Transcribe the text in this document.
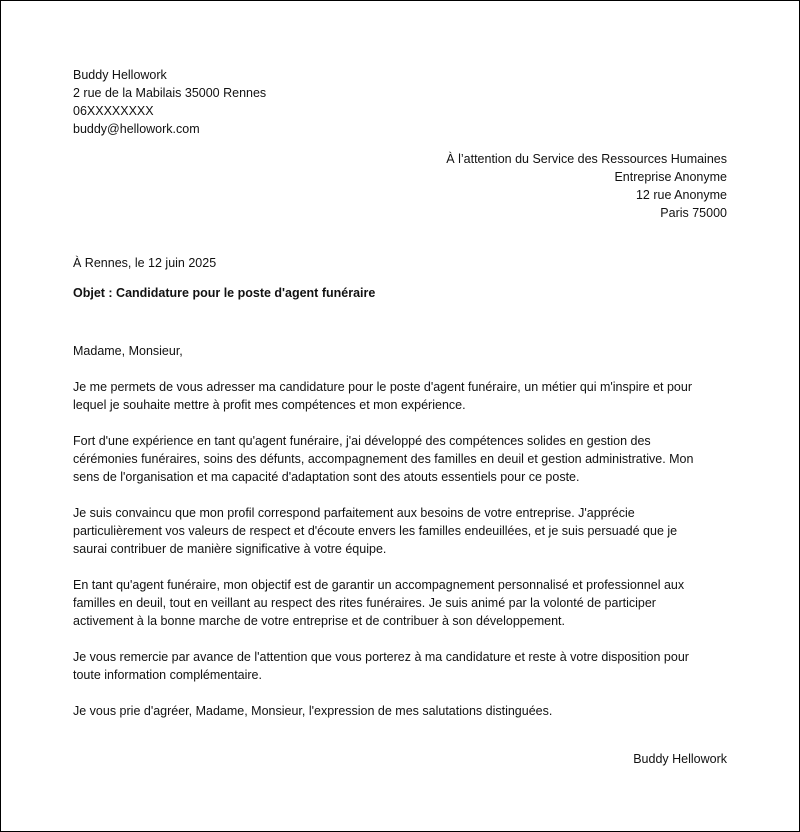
Buddy Hellowork
2 rue de la Mabilais 35000 Rennes
06XXXXXXXX
buddy@hellowork.com
À l’attention du Service des Ressources Humaines
Entreprise Anonyme
12 rue Anonyme
Paris 75000
À Rennes, le 12 juin 2025
Objet : Candidature pour le poste d'agent funéraire

Madame, Monsieur,

Je me permets de vous adresser ma candidature pour le poste d'agent funéraire, un métier qui m'inspire et pour lequel je souhaite mettre à profit mes compétences et mon expérience.

Fort d'une expérience en tant qu'agent funéraire, j'ai développé des compétences solides en gestion des cérémonies funéraires, soins des défunts, accompagnement des familles en deuil et gestion administrative. Mon sens de l'organisation et ma capacité d'adaptation sont des atouts essentiels pour ce poste.

Je suis convaincu que mon profil correspond parfaitement aux besoins de votre entreprise. J'apprécie particulièrement vos valeurs de respect et d'écoute envers les familles endeuillées, et je suis persuadé que je saurai contribuer de manière significative à votre équipe.

En tant qu'agent funéraire, mon objectif est de garantir un accompagnement personnalisé et professionnel aux familles en deuil, tout en veillant au respect des rites funéraires. Je suis animé par la volonté de participer activement à la bonne marche de votre entreprise et de contribuer à son développement.

Je vous remercie par avance de l'attention que vous porterez à ma candidature et reste à votre disposition pour toute information complémentaire.

Je vous prie d'agréer, Madame, Monsieur, l'expression de mes salutations distinguées.

Buddy Hellowork
